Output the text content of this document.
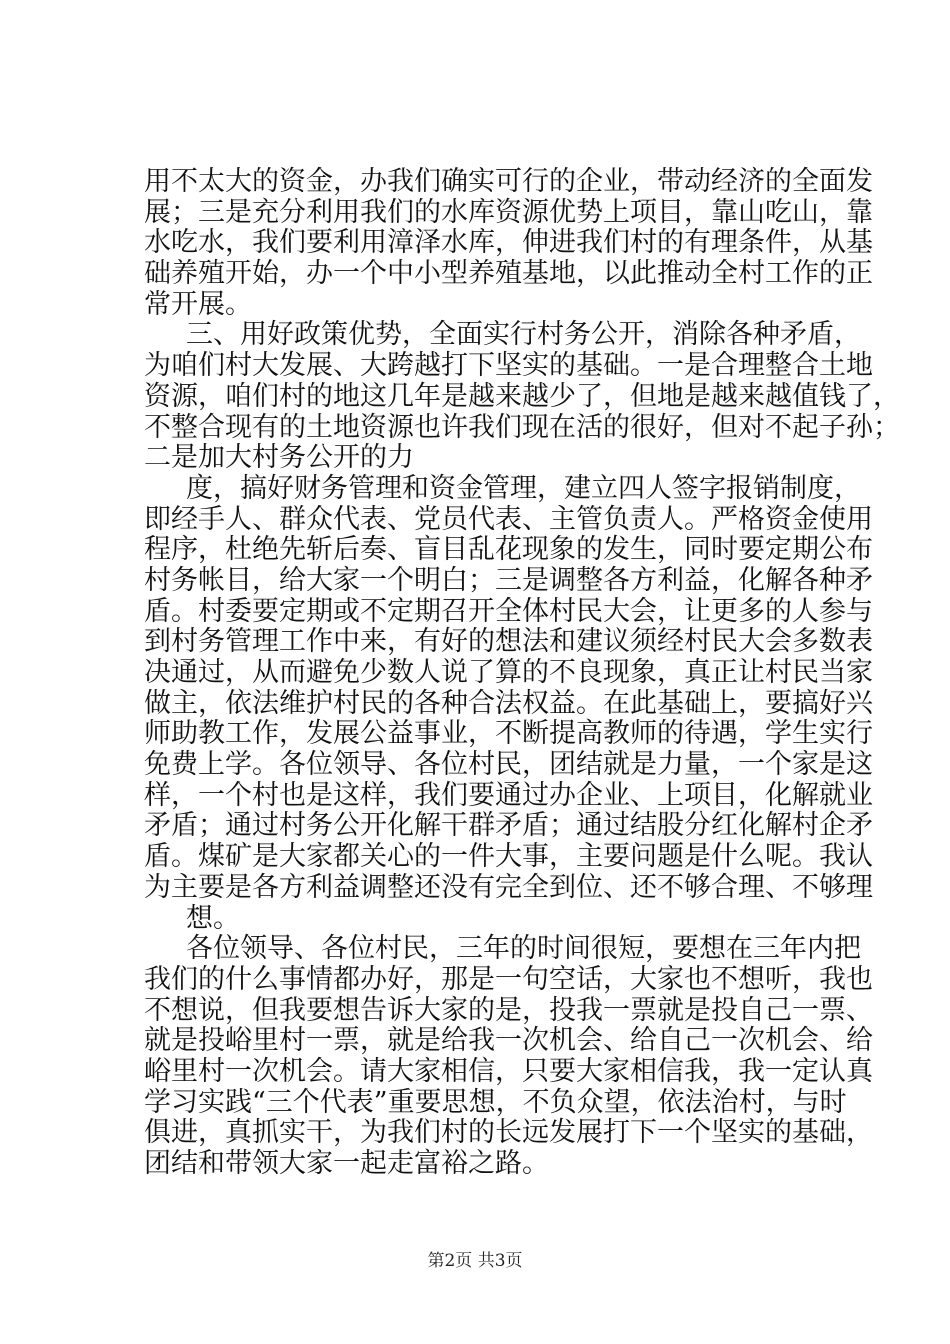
用不太大的资金，办我们确实可行的企业，带动经济的全面发
展；三是充分利用我们的水库资源优势上项目，靠山吃山，靠
水吃水，我们要利用漳泽水库，伸进我们村的有理条件，从基
础养殖开始，办一个中小型养殖基地，以此推动全村工作的正
常开展。
三、用好政策优势，全面实行村务公开，消除各种矛盾，
为咱们村大发展、大跨越打下坚实的基础。一是合理整合土地
资源，咱们村的地这几年是越来越少了，但地是越来越值钱了，
不整合现有的土地资源也许我们现在活的很好，但对不起子孙；
二是加大村务公开的力
度，搞好财务管理和资金管理，建立四人签字报销制度，
即经手人、群众代表、党员代表、主管负责人。严格资金使用
程序，杜绝先斩后奏、盲目乱花现象的发生，同时要定期公布
村务帐目，给大家一个明白；三是调整各方利益，化解各种矛
盾。村委要定期或不定期召开全体村民大会，让更多的人参与
到村务管理工作中来，有好的想法和建议须经村民大会多数表
决通过，从而避免少数人说了算的不良现象，真正让村民当家
做主，依法维护村民的各种合法权益。在此基础上，要搞好兴
师助教工作，发展公益事业，不断提高教师的待遇，学生实行
免费上学。各位领导、各位村民，团结就是力量，一个家是这
样，一个村也是这样，我们要通过办企业、上项目，化解就业
矛盾；通过村务公开化解干群矛盾；通过结股分红化解村企矛
盾。煤矿是大家都关心的一件大事，主要问题是什么呢。我认
为主要是各方利益调整还没有完全到位、还不够合理、不够理
想。
各位领导、各位村民，三年的时间很短，要想在三年内把
我们的什么事情都办好，那是一句空话，大家也不想听，我也
不想说，但我要想告诉大家的是，投我一票就是投自己一票、
就是投峪里村一票，就是给我一次机会、给自己一次机会、给
峪里村一次机会。请大家相信，只要大家相信我，我一定认真
学习实践“三个代表”重要思想，不负众望，依法治村，与时
俱进，真抓实干，为我们村的长远发展打下一个坚实的基础，
团结和带领大家一起走富裕之路。
第2页 共3页
